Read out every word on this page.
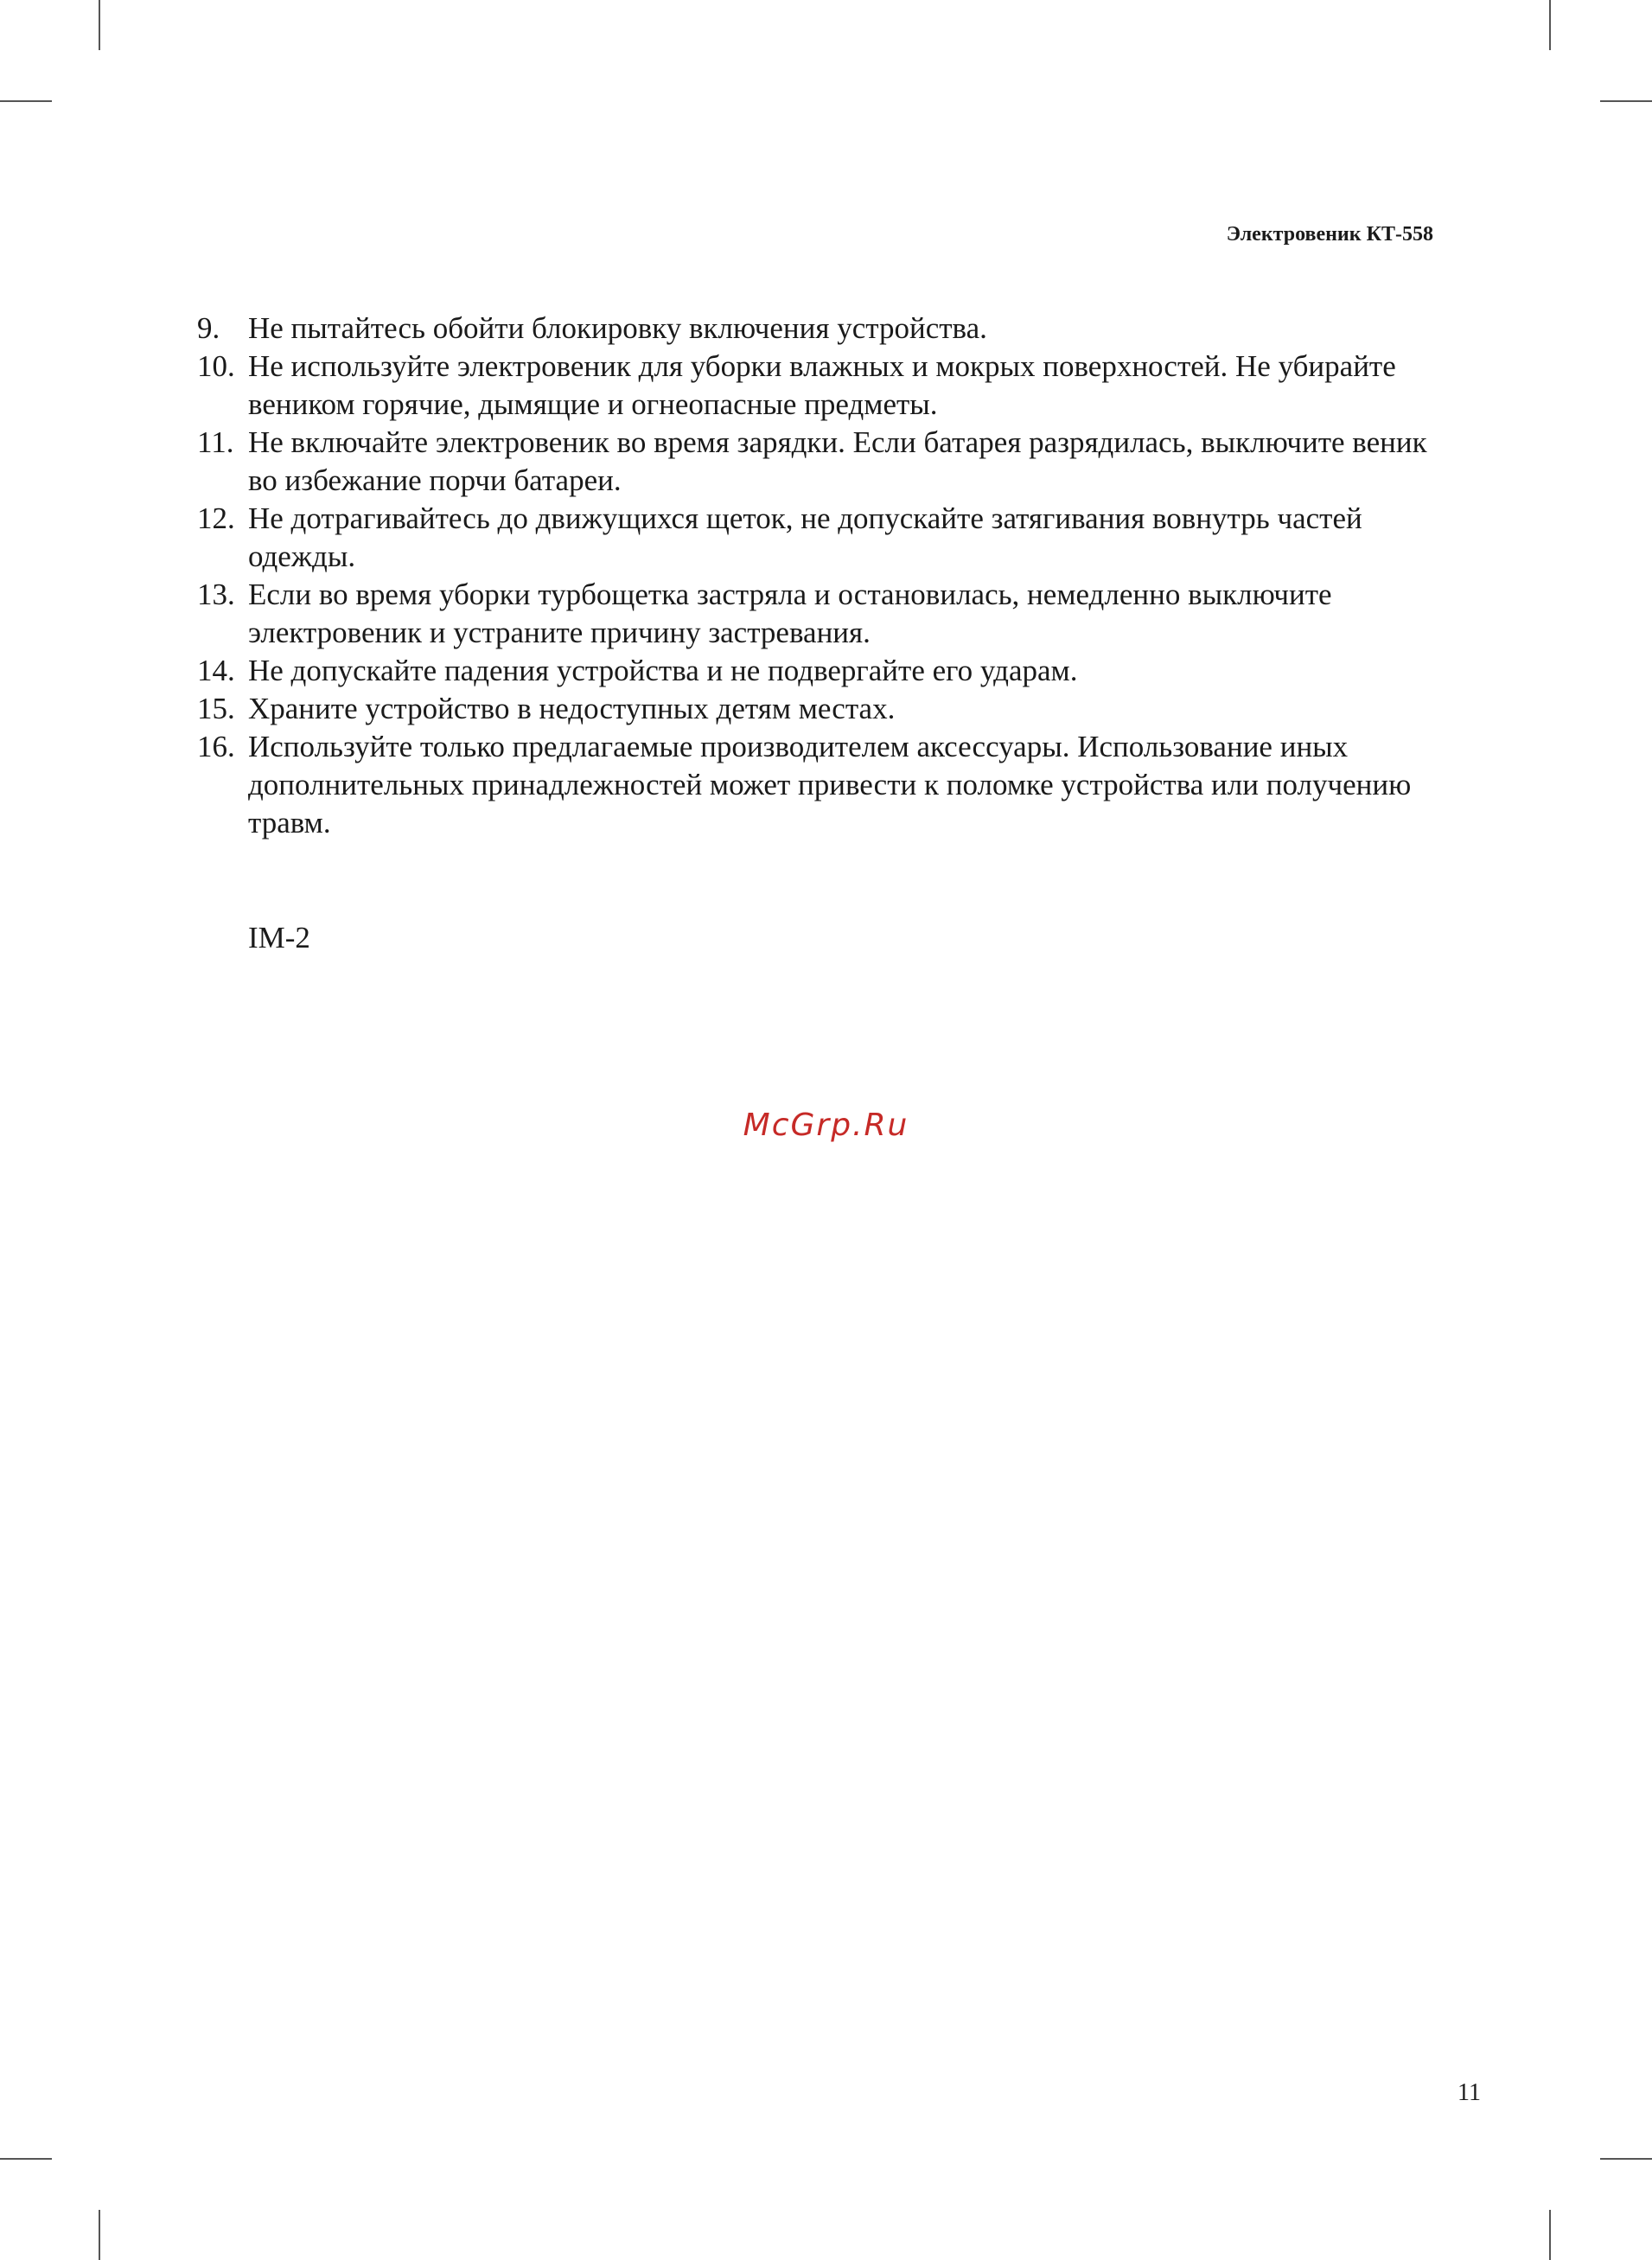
Электровеник КТ-558
9. Не пытайтесь обойти блокировку включения устройства.
10. Не используйте электровеник для уборки влажных и мокрых поверхностей. Не убирайте веником горячие, дымящие и огнеопасные предметы.
11. Не включайте электровеник во время зарядки. Если батарея разрядилась, выключите веник во избежание порчи батареи.
12. Не дотрагивайтесь до движущихся щеток, не допускайте затягивания вовнутрь частей одежды.
13. Если во время уборки турбощетка застряла и остановилась, немедленно выключите электровеник и устраните причину застревания.
14. Не допускайте падения устройства и не подвергайте его ударам.
15. Храните устройство в недоступных детям местах.
16. Используйте только предлагаемые производителем аксессуары. Использование иных дополнительных принадлежностей может привести к поломке устройства или получению травм.
IM-2
McGrp.Ru
11
